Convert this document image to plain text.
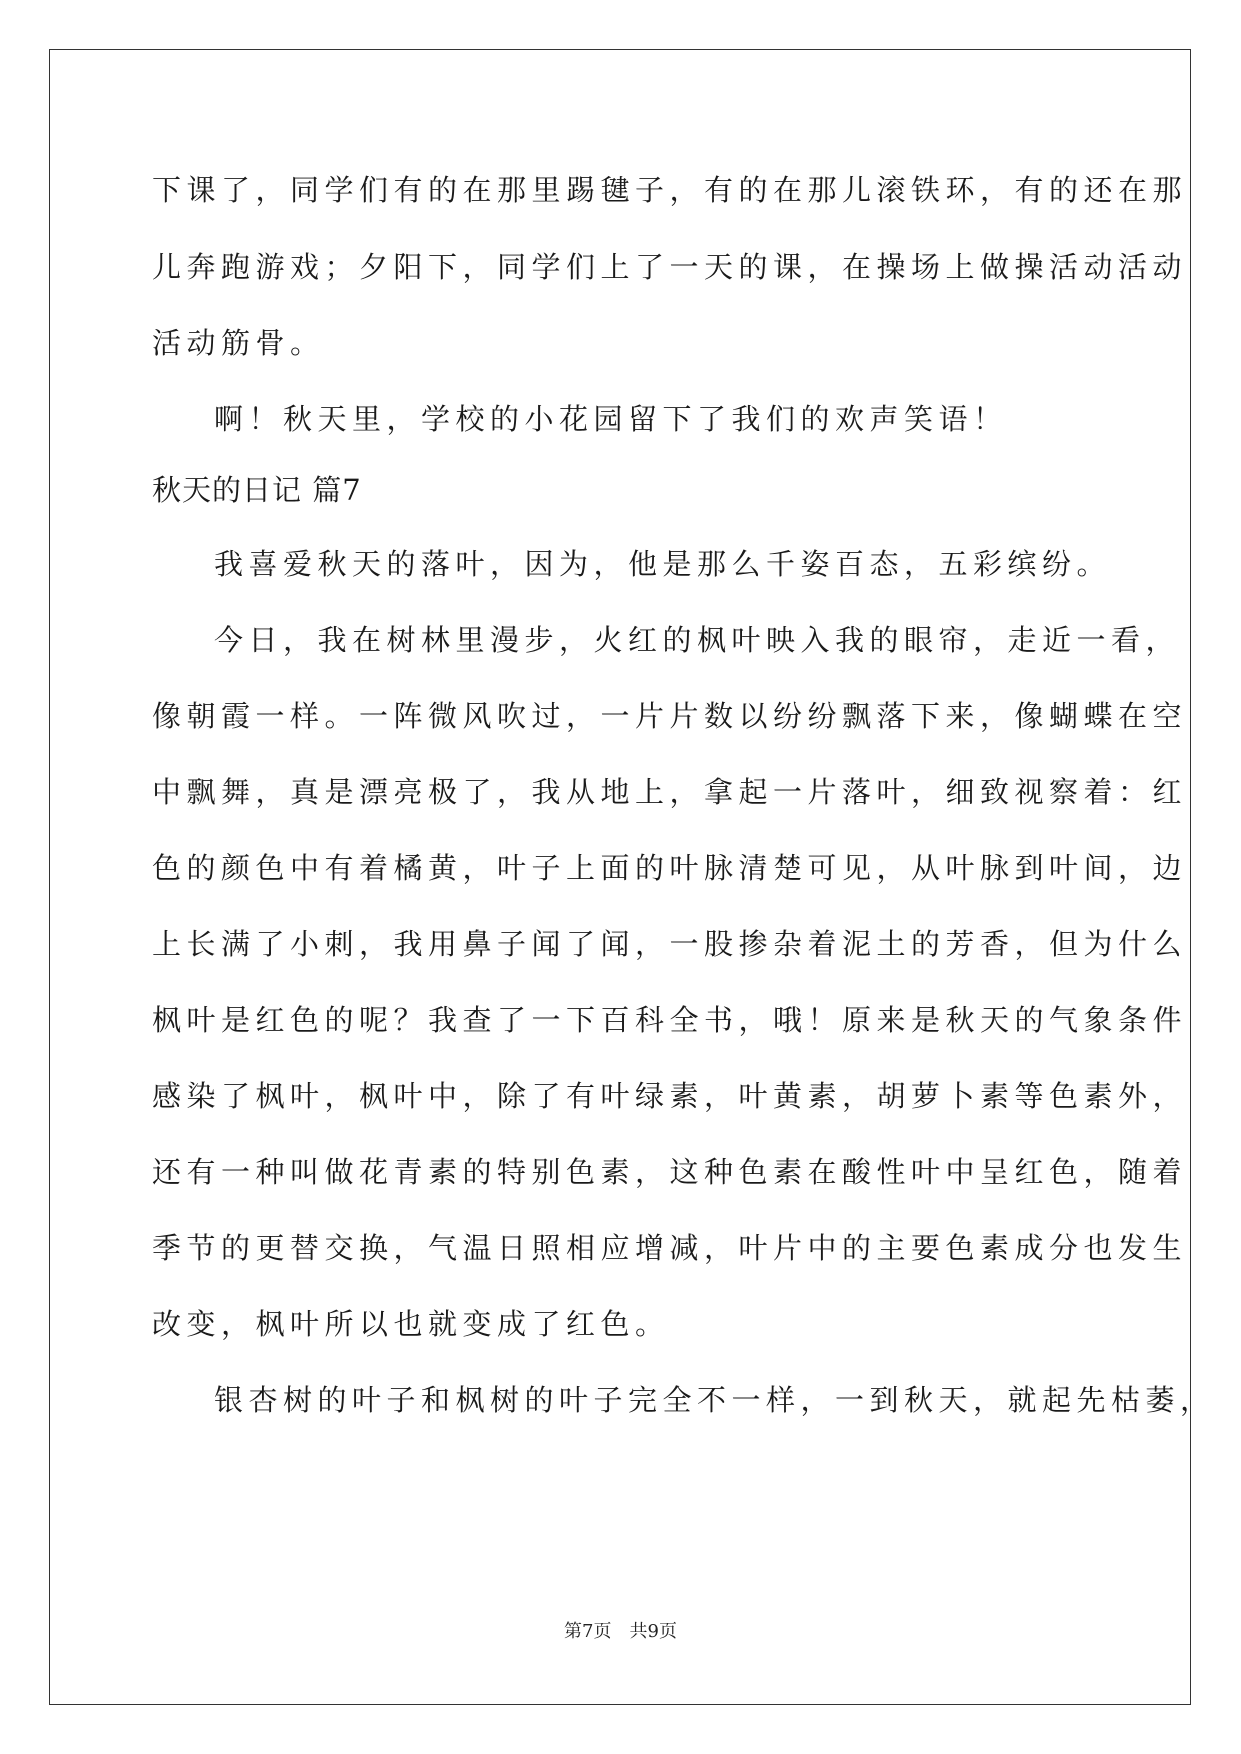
下课了，同学们有的在那里踢毽子，有的在那儿滚铁环，有的还在那
儿奔跑游戏；夕阳下，同学们上了一天的课，在操场上做操活动活动
活动筋骨。
啊！秋天里，学校的小花园留下了我们的欢声笑语！
秋天的日记 篇7
我喜爱秋天的落叶，因为，他是那么千姿百态，五彩缤纷。
今日，我在树林里漫步，火红的枫叶映入我的眼帘，走近一看，
像朝霞一样。一阵微风吹过，一片片数以纷纷飘落下来，像蝴蝶在空
中飘舞，真是漂亮极了，我从地上，拿起一片落叶，细致视察着：红
色的颜色中有着橘黄，叶子上面的叶脉清楚可见，从叶脉到叶间，边
上长满了小刺，我用鼻子闻了闻，一股掺杂着泥土的芳香，但为什么
枫叶是红色的呢？我查了一下百科全书，哦！原来是秋天的气象条件
感染了枫叶，枫叶中，除了有叶绿素，叶黄素，胡萝卜素等色素外，
还有一种叫做花青素的特别色素，这种色素在酸性叶中呈红色，随着
季节的更替交换，气温日照相应增减，叶片中的主要色素成分也发生
改变，枫叶所以也就变成了红色。
银杏树的叶子和枫树的叶子完全不一样，一到秋天，就起先枯萎，
第7页 共9页
